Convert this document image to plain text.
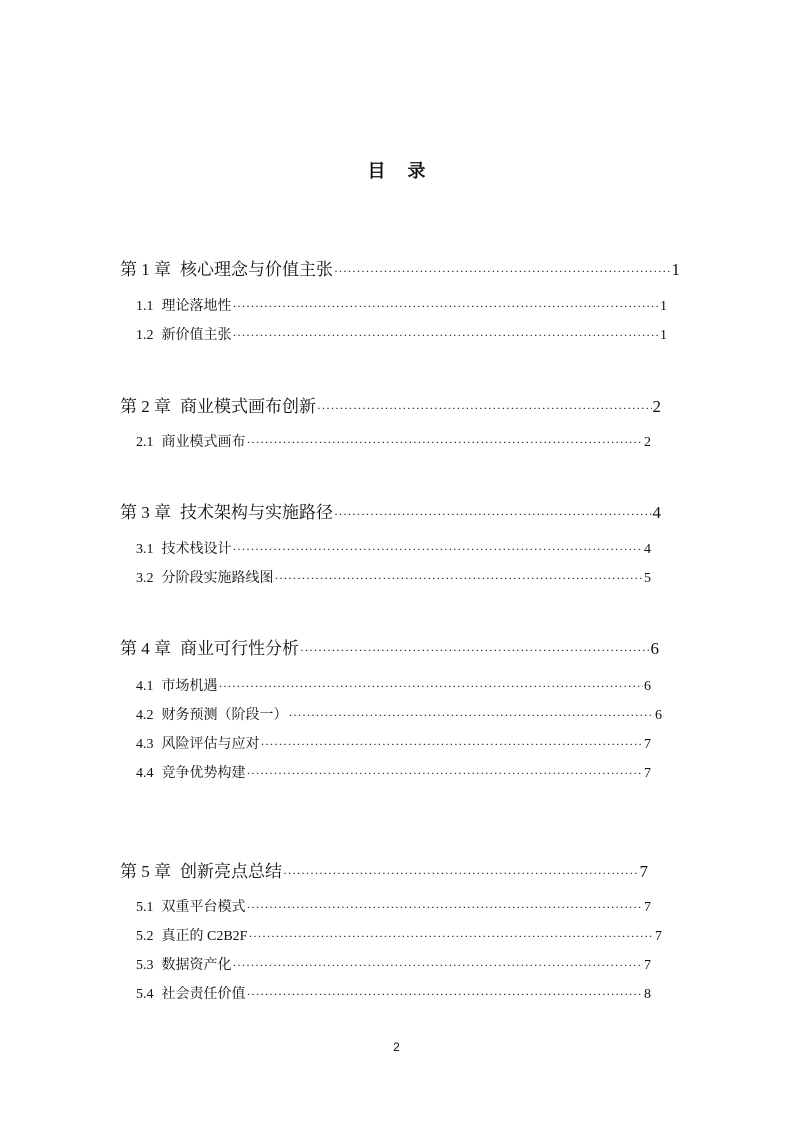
目 录
第 1 章 核心理念与价值主张 ·····	1
1.1 理论落地性 ·····	1
1.2 新价值主张 ·····	1
第 2 章 商业模式画布创新 ·····	2
2.1 商业模式画布 ·····	2
第 3 章 技术架构与实施路径 ·····	4
3.1 技术栈设计 ·····	4
3.2 分阶段实施路线图 ·····	5
第 4 章 商业可行性分析 ·····	6
4.1 市场机遇 ·····	6
4.2 财务预测（阶段一） ·····	6
4.3 风险评估与应对 ·····	7
4.4 竞争优势构建 ·····	7
第 5 章 创新亮点总结 ·····	7
5.1 双重平台模式 ·····	7
5.2 真正的 C2B2F ·····	7
5.3 数据资产化 ·····	7
5.4 社会责任价值 ·····	8
2
